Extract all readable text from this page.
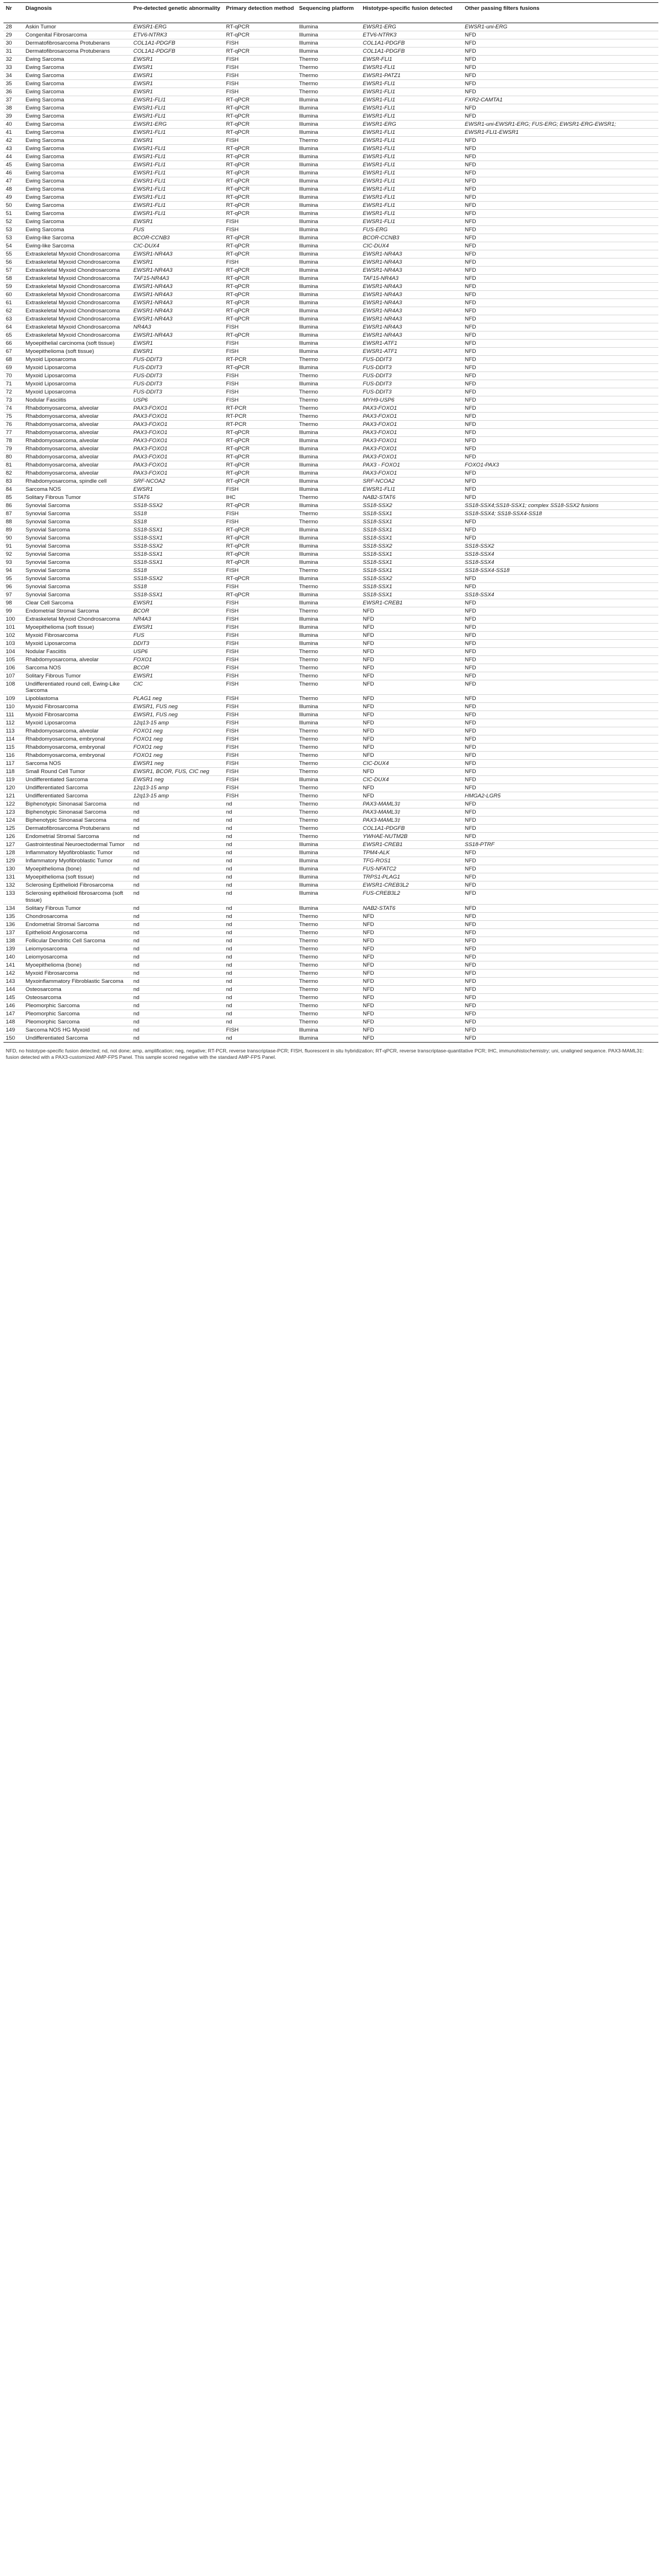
Nr	Diagnosis	Pre-detected genetic abnormality	Primary detection method	Sequencing platform	Histotype-specific fusion detected	Other passing filters fusions
28	Askin Tumor	EWSR1-ERG	RT-qPCR	Illumina	EWSR1-ERG	EWSR1-uni-ERG
29	Congenital Fibrosarcoma	ETV6-NTRK3	RT-qPCR	Illumina	ETV6-NTRK3	NFD
30	Dermatofibrosarcoma Protuberans	COL1A1-PDGFB	FISH	Illumina	COL1A1-PDGFB	NFD
31	Dermatofibrosarcoma Protuberans	COL1A1-PDGFB	RT-qPCR	Illumina	COL1A1-PDGFB	NFD
32	Ewing Sarcoma	EWSR1	FISH	Thermo	EWSR-FLI1	NFD
33	Ewing Sarcoma	EWSR1	FISH	Thermo	EWSR1-FLI1	NFD
34	Ewing Sarcoma	EWSR1	FISH	Thermo	EWSR1-PATZ1	NFD
35	Ewing Sarcoma	EWSR1	FISH	Thermo	EWSR1-FLI1	NFD
36	Ewing Sarcoma	EWSR1	FISH	Thermo	EWSR1-FLI1	NFD
37	Ewing Sarcoma	EWSR1-FLI1	RT-qPCR	Illumina	EWSR1-FLI1	FXR2-CAMTA1
38	Ewing Sarcoma	EWSR1-FLI1	RT-qPCR	Illumina	EWSR1-FLI1	NFD
39	Ewing Sarcoma	EWSR1-FLI1	RT-qPCR	Illumina	EWSR1-FLI1	NFD
40	Ewing Sarcoma	EWSR1-ERG	RT-qPCR	Illumina	EWSR1-ERG	EWSR1-uni-EWSR1-ERG; FUS-ERG; EWSR1-ERG-EWSR1;
41	Ewing Sarcoma	EWSR1-FLI1	RT-qPCR	Illumina	EWSR1-FLI1	EWSR1-FLI1-EWSR1
42	Ewing Sarcoma	EWSR1	FISH	Thermo	EWSR1-FLI1	NFD
43	Ewing Sarcoma	EWSR1-FLI1	RT-qPCR	Illumina	EWSR1-FLI1	NFD
44	Ewing Sarcoma	EWSR1-FLI1	RT-qPCR	Illumina	EWSR1-FLI1	NFD
45	Ewing Sarcoma	EWSR1-FLI1	RT-qPCR	Illumina	EWSR1-FLI1	NFD
46	Ewing Sarcoma	EWSR1-FLI1	RT-qPCR	Illumina	EWSR1-FLI1	NFD
47	Ewing Sarcoma	EWSR1-FLI1	RT-qPCR	Illumina	EWSR1-FLI1	NFD
48	Ewing Sarcoma	EWSR1-FLI1	RT-qPCR	Illumina	EWSR1-FLI1	NFD
49	Ewing Sarcoma	EWSR1-FLI1	RT-qPCR	Illumina	EWSR1-FLI1	NFD
50	Ewing Sarcoma	EWSR1-FLI1	RT-qPCR	Illumina	EWSR1-FLI1	NFD
51	Ewing Sarcoma	EWSR1-FLI1	RT-qPCR	Illumina	EWSR1-FLI1	NFD
52	Ewing Sarcoma	EWSR1	FISH	Illumina	EWSR1-FLI1	NFD
53	Ewing Sarcoma	FUS	FISH	Illumina	FUS-ERG	NFD
53	Ewing-like Sarcoma	BCOR-CCNB3	RT-qPCR	Illumina	BCOR-CCNB3	NFD
54	Ewing-like Sarcoma	CIC-DUX4	RT-qPCR	Illumina	CIC-DUX4	NFD
55	Extraskeletal Myxoid Chondrosarcoma	EWSR1-NR4A3	RT-qPCR	Illumina	EWSR1-NR4A3	NFD
56	Extraskeletal Myxoid Chondrosarcoma	EWSR1	FISH	Illumina	EWSR1-NR4A3	NFD
57	Extraskeletal Myxoid Chondrosarcoma	EWSR1-NR4A3	RT-qPCR	Illumina	EWSR1-NR4A3	NFD
58	Extraskeletal Myxoid Chondrosarcoma	TAF15-NR4A3	RT-qPCR	Illumina	TAF15-NR4A3	NFD
59	Extraskeletal Myxoid Chondrosarcoma	EWSR1-NR4A3	RT-qPCR	Illumina	EWSR1-NR4A3	NFD
60	Extraskeletal Myxoid Chondrosarcoma	EWSR1-NR4A3	RT-qPCR	Illumina	EWSR1-NR4A3	NFD
61	Extraskeletal Myxoid Chondrosarcoma	EWSR1-NR4A3	RT-qPCR	Illumina	EWSR1-NR4A3	NFD
62	Extraskeletal Myxoid Chondrosarcoma	EWSR1-NR4A3	RT-qPCR	Illumina	EWSR1-NR4A3	NFD
63	Extraskeletal Myxoid Chondrosarcoma	EWSR1-NR4A3	RT-qPCR	Illumina	EWSR1-NR4A3	NFD
64	Extraskeletal Myxoid Chondrosarcoma	NR4A3	FISH	Illumina	EWSR1-NR4A3	NFD
65	Extraskeletal Myxoid Chondrosarcoma	EWSR1-NR4A3	RT-qPCR	Illumina	EWSR1-NR4A3	NFD
66	Myoepithelial carcinoma (soft tissue)	EWSR1	FISH	Illumina	EWSR1-ATF1	NFD
67	Myoepithelioma (soft tissue)	EWSR1	FISH	Illumina	EWSR1-ATF1	NFD
68	Myxoid Liposarcoma	FUS-DDIT3	RT-PCR	Thermo	FUS-DDIT3	NFD
69	Myxoid Liposarcoma	FUS-DDIT3	RT-qPCR	Illumina	FUS-DDIT3	NFD
70	Myxoid Liposarcoma	FUS-DDIT3	FISH	Thermo	FUS-DDIT3	NFD
71	Myxoid Liposarcoma	FUS-DDIT3	FISH	Illumina	FUS-DDIT3	NFD
72	Myxoid Liposarcoma	FUS-DDIT3	FISH	Thermo	FUS-DDIT3	NFD
73	Nodular Fasciitis	USP6	FISH	Thermo	MYH9-USP6	NFD
74	Rhabdomyosarcoma, alveolar	PAX3-FOXO1	RT-PCR	Thermo	PAX3-FOXO1	NFD
75	Rhabdomyosarcoma, alveolar	PAX3-FOXO1	RT-PCR	Thermo	PAX3-FOXO1	NFD
76	Rhabdomyosarcoma, alveolar	PAX3-FOXO1	RT-PCR	Thermo	PAX3-FOXO1	NFD
77	Rhabdomyosarcoma, alveolar	PAX3-FOXO1	RT-qPCR	Illumina	PAX3-FOXO1	NFD
78	Rhabdomyosarcoma, alveolar	PAX3-FOXO1	RT-qPCR	Illumina	PAX3-FOXO1	NFD
79	Rhabdomyosarcoma, alveolar	PAX3-FOXO1	RT-qPCR	Illumina	PAX3-FOXO1	NFD
80	Rhabdomyosarcoma, alveolar	PAX3-FOXO1	RT-qPCR	Illumina	PAX3-FOXO1	NFD
81	Rhabdomyosarcoma, alveolar	PAX3-FOXO1	RT-qPCR	Illumina	PAX3 - FOXO1	FOXO1-PAX3
82	Rhabdomyosarcoma, alveolar	PAX3-FOXO1	RT-qPCR	Illumina	PAX3-FOXO1	NFD
83	Rhabdomyosarcoma, spindle cell	SRF-NCOA2	RT-qPCR	Illumina	SRF-NCOA2	NFD
84	Sarcoma NOS	EWSR1	FISH	Illumina	EWSR1-FLI1	NFD
85	Solitary Fibrous Tumor	STAT6	IHC	Thermo	NAB2-STAT6	NFD
86	Synovial Sarcoma	SS18-SSX2	RT-qPCR	Illumina	SS18-SSX2	SS18-SSX4;SS18-SSX1; complex SS18-SSX2 fusions
87	Synovial Sarcoma	SS18	FISH	Thermo	SS18-SSX1	SS18-SSX4; SS18-SSX4-SS18
88	Synovial Sarcoma	SS18	FISH	Thermo	SS18-SSX1	NFD
89	Synovial Sarcoma	SS18-SSX1	RT-qPCR	Illumina	SS18-SSX1	NFD
90	Synovial Sarcoma	SS18-SSX1	RT-qPCR	Illumina	SS18-SSX1	NFD
91	Synovial Sarcoma	SS18-SSX2	RT-qPCR	Illumina	SS18-SSX2	SS18-SSX2
92	Synovial Sarcoma	SS18-SSX1	RT-qPCR	Illumina	SS18-SSX1	SS18-SSX4
93	Synovial Sarcoma	SS18-SSX1	RT-qPCR	Illumina	SS18-SSX1	SS18-SSX4
94	Synovial Sarcoma	SS18	FISH	Thermo	SS18-SSX1	SS18-SSX4-SS18
95	Synovial Sarcoma	SS18-SSX2	RT-qPCR	Illumina	SS18-SSX2	NFD
96	Synovial Sarcoma	SS18	FISH	Thermo	SS18-SSX1	NFD
97	Synovial Sarcoma	SS18-SSX1	RT-qPCR	Illumina	SS18-SSX1	SS18-SSX4
98	Clear Cell Sarcoma	EWSR1	FISH	Illumina	EWSR1-CREB1	NFD
99	Endometrial Stromal Sarcoma	BCOR	FISH	Thermo	NFD	NFD
100	Extraskeletal Myxoid Chondrosarcoma	NR4A3	FISH	Illumina	NFD	NFD
101	Myoepithelioma (soft tissue)	EWSR1	FISH	Illumina	NFD	NFD
102	Myxoid Fibrosarcoma	FUS	FISH	Illumina	NFD	NFD
103	Myxoid Liposarcoma	DDIT3	FISH	Illumina	NFD	NFD
104	Nodular Fasciitis	USP6	FISH	Thermo	NFD	NFD
105	Rhabdomyosarcoma, alveolar	FOXO1	FISH	Thermo	NFD	NFD
106	Sarcoma NOS	BCOR	FISH	Thermo	NFD	NFD
107	Solitary Fibrous Tumor	EWSR1	FISH	Thermo	NFD	NFD
108	Undifferentiated round cell, Ewing-Like Sarcoma	CIC	FISH	Thermo	NFD	NFD
109	Lipoblastoma	PLAG1 neg	FISH	Thermo	NFD	NFD
110	Myxoid Fibrosarcoma	EWSR1, FUS neg	FISH	Illumina	NFD	NFD
111	Myxoid Fibrosarcoma	EWSR1, FUS neg	FISH	Illumina	NFD	NFD
112	Myxoid Liposarcoma	12q13-15 amp	FISH	Illumina	NFD	NFD
113	Rhabdomyosarcoma, alveolar	FOXO1 neg	FISH	Thermo	NFD	NFD
114	Rhabdomyosarcoma, embryonal	FOXO1 neg	FISH	Thermo	NFD	NFD
115	Rhabdomyosarcoma, embryonal	FOXO1 neg	FISH	Thermo	NFD	NFD
116	Rhabdomyosarcoma, embryonal	FOXO1 neg	FISH	Thermo	NFD	NFD
117	Sarcoma NOS	EWSR1 neg	FISH	Thermo	CIC-DUX4	NFD
118	Small Round Cell Tumor	EWSR1, BCOR, FUS, CIC neg	FISH	Thermo	NFD	NFD
119	Undifferentiated Sarcoma	EWSR1 neg	FISH	Illumina	CIC-DUX4	NFD
120	Undifferentiated Sarcoma	12q13-15 amp	FISH	Thermo	NFD	NFD
121	Undifferentiated Sarcoma	12q13-15 amp	FISH	Thermo	NFD	HMGA2-LGR5
122	Biphenotypic Sinonasal Sarcoma	nd	nd	Thermo	PAX3-MAML3‡	NFD
123	Biphenotypic Sinonasal Sarcoma	nd	nd	Thermo	PAX3-MAML3‡	NFD
124	Biphenotypic Sinonasal Sarcoma	nd	nd	Thermo	PAX3-MAML3‡	NFD
125	Dermatofibrosarcoma Protuberans	nd	nd	Thermo	COL1A1-PDGFB	NFD
126	Endometrial Stromal Sarcoma	nd	nd	Thermo	YWHAE-NUTM2B	NFD
127	Gastrointestinal Neuroectodermal Tumor	nd	nd	Illumina	EWSR1-CREB1	SS18-PTRF
128	Inflammatory Myofibroblastic Tumor	nd	nd	Illumina	TPM4-ALK	NFD
129	Inflammatory Myofibroblastic Tumor	nd	nd	Illumina	TFG-ROS1	NFD
130	Myoepithelioma (bone)	nd	nd	Illumina	FUS-NFATC2	NFD
131	Myoepithelioma (soft tissue)	nd	nd	Illumina	TRPS1-PLAG1	NFD
132	Sclerosing Epithelioid Fibrosarcoma	nd	nd	Illumina	EWSR1-CREB3L2	NFD
133	Sclerosing epithelioid fibrosarcoma (soft tissue)	nd	nd	Illumina	FUS-CREB3L2	NFD
134	Solitary Fibrous Tumor	nd	nd	Illumina	NAB2-STAT6	NFD
135	Chondrosarcoma	nd	nd	Thermo	NFD	NFD
136	Endometrial Stromal Sarcoma	nd	nd	Thermo	NFD	NFD
137	Epithelioid Angiosarcoma	nd	nd	Thermo	NFD	NFD
138	Follicular Dendritic Cell Sarcoma	nd	nd	Thermo	NFD	NFD
139	Leiomyosarcoma	nd	nd	Thermo	NFD	NFD
140	Leiomyosarcoma	nd	nd	Thermo	NFD	NFD
141	Myoepithelioma (bone)	nd	nd	Thermo	NFD	NFD
142	Myxoid Fibrosarcoma	nd	nd	Thermo	NFD	NFD
143	Myxoinflammatory Fibroblastic Sarcoma	nd	nd	Thermo	NFD	NFD
144	Osteosarcoma	nd	nd	Thermo	NFD	NFD
145	Osteosarcoma	nd	nd	Thermo	NFD	NFD
146	Pleomorphic Sarcoma	nd	nd	Thermo	NFD	NFD
147	Pleomorphic Sarcoma	nd	nd	Thermo	NFD	NFD
148	Pleomorphic Sarcoma	nd	nd	Thermo	NFD	NFD
149	Sarcoma NOS HG Myxoid	nd	FISH	Illumina	NFD	NFD
150	Undifferentiated Sarcoma	nd	nd	Illumina	NFD	NFD
NFD, no histotype-specific fusion detected; nd, not done; amp, amplification; neg, negative; RT-PCR, reverse transcriptase-PCR; FISH, fluorescent in situ hybridization; RT-qPCR, reverse transcriptase-quantitative PCR; IHC, immunohistochemistry; uni, unaligned sequence. PAX3-MAML3‡: fusion detected with a PAX3-customized AMP-FPS Panel. This sample scored negative with the standard AMP-FPS Panel.
